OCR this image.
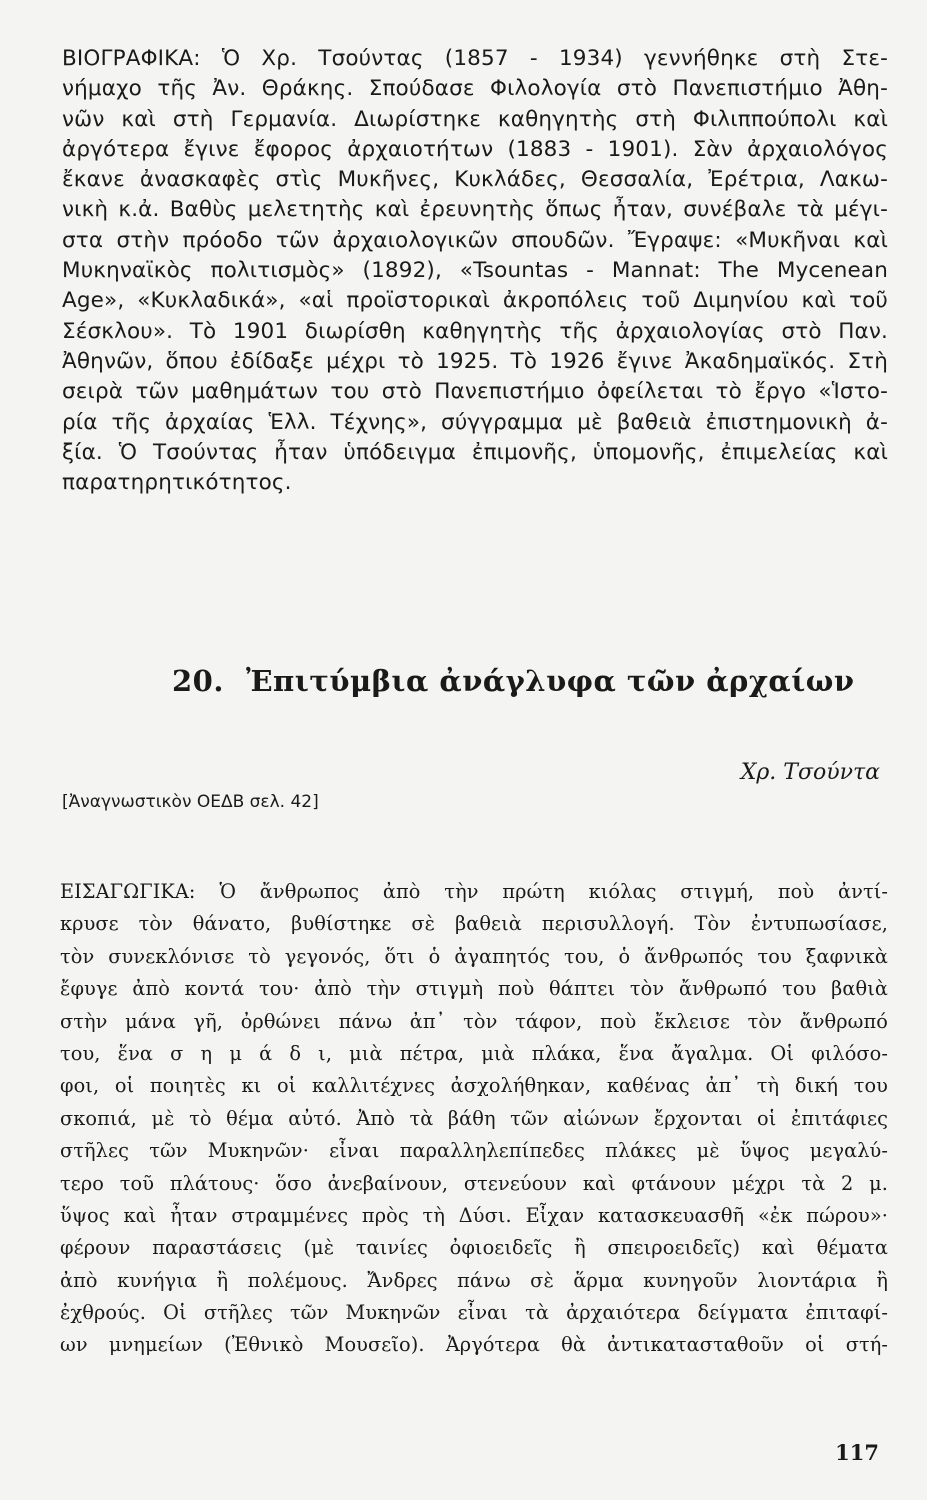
ΒΙΟΓΡΑΦΙΚΑ: Ὁ Χρ. Τσούντας (1857 - 1934) γεννήθηκε στὴ Στε-
νήμαχο τῆς Ἀν. Θράκης. Σπούδασε Φιλολογία στὸ Πανεπιστήμιο Ἀθη-
νῶν καὶ στὴ Γερμανία. Διωρίστηκε καθηγητὴς στὴ Φιλιππούπολι καὶ
ἀργότερα ἔγινε ἔφορος ἀρχαιοτήτων (1883 - 1901). Σὰν ἀρχαιολόγος
ἔκανε ἀνασκαφὲς στὶς Μυκῆνες, Κυκλάδες, Θεσσαλία, Ἐρέτρια, Λακω-
νικὴ κ.ἀ. Βαθὺς μελετητὴς καὶ ἐρευνητὴς ὅπως ἦταν, συνέβαλε τὰ μέγι-
στα στὴν πρόοδο τῶν ἀρχαιολογικῶν σπουδῶν. Ἔγραψε: «Μυκῆναι καὶ
Μυκηναϊκὸς πολιτισμὸς» (1892), «Tsountas - Mannat: The Mycenean
Age», «Κυκλαδικά», «αἱ προϊστορικαὶ ἀκροπόλεις τοῦ Διμηνίου καὶ τοῦ
Σέσκλου». Τὸ 1901 διωρίσθη καθηγητὴς τῆς ἀρχαιολογίας στὸ Παν.
Ἀθηνῶν, ὅπου ἐδίδαξε μέχρι τὸ 1925. Τὸ 1926 ἔγινε Ἀκαδημαϊκός. Στὴ
σειρὰ τῶν μαθημάτων του στὸ Πανεπιστήμιο ὀφείλεται τὸ ἔργο «Ἱστο-
ρία τῆς ἀρχαίας Ἑλλ. Τέχνης», σύγγραμμα μὲ βαθειὰ ἐπιστημονικὴ ἀ-
ξία. Ὁ Τσούντας ἦταν ὑπόδειγμα ἐπιμονῆς, ὑπομονῆς, ἐπιμελείας καὶ
παρατηρητικότητος.
20. Ἐπιτύμβια ἀνάγλυφα τῶν ἀρχαίων
Χρ. Τσούντα
[Ἀναγνωστικὸν ΟΕΔΒ σελ. 42]
ΕΙΣΑΓΩΓΙΚΑ: Ὁ ἄνθρωπος ἀπὸ τὴν πρώτη κιόλας στιγμή, ποὺ ἀντί-
κρυσε τὸν θάνατο, βυθίστηκε σὲ βαθειὰ περισυλλογή. Τὸν ἐντυπωσίασε,
τὸν συνεκλόνισε τὸ γεγονός, ὅτι ὁ ἀγαπητός του, ὁ ἄνθρωπός του ξαφνικὰ
ἔφυγε ἀπὸ κοντά του· ἀπὸ τὴν στιγμὴ ποὺ θάπτει τὸν ἄνθρωπό του βαθιὰ
στὴν μάνα γῆ, ὀρθώνει πάνω ἀπ᾿ τὸν τάφον, ποὺ ἔκλεισε τὸν ἄνθρωπό
του, ἕνα σ η μ ά δ ι, μιὰ πέτρα, μιὰ πλάκα, ἕνα ἄγαλμα. Οἱ φιλόσο-
φοι, οἱ ποιητὲς κι οἱ καλλιτέχνες ἀσχολήθηκαν, καθένας ἀπ᾿ τὴ δική του
σκοπιά, μὲ τὸ θέμα αὐτό. Ἀπὸ τὰ βάθη τῶν αἰώνων ἔρχονται οἱ ἐπιτάφιες
στῆλες τῶν Μυκηνῶν· εἶναι παραλληλεπίπεδες πλάκες μὲ ὕψος μεγαλύ-
τερο τοῦ πλάτους· ὅσο ἀνεβαίνουν, στενεύουν καὶ φτάνουν μέχρι τὰ 2 μ.
ὕψος καὶ ἦταν στραμμένες πρὸς τὴ Δύσι. Εἶχαν κατασκευασθῆ «ἐκ πώρου»·
φέρουν παραστάσεις (μὲ ταινίες ὀφιοειδεῖς ἢ σπειροειδεῖς) καὶ θέματα
ἀπὸ κυνήγια ἢ πολέμους. Ἄνδρες πάνω σὲ ἅρμα κυνηγοῦν λιοντάρια ἢ
ἐχθρούς. Οἱ στῆλες τῶν Μυκηνῶν εἶναι τὰ ἀρχαιότερα δείγματα ἐπιταφί-
ων μνημείων (Ἐθνικὸ Μουσεῖο). Ἀργότερα θὰ ἀντικατασταθοῦν οἱ στή-
117
